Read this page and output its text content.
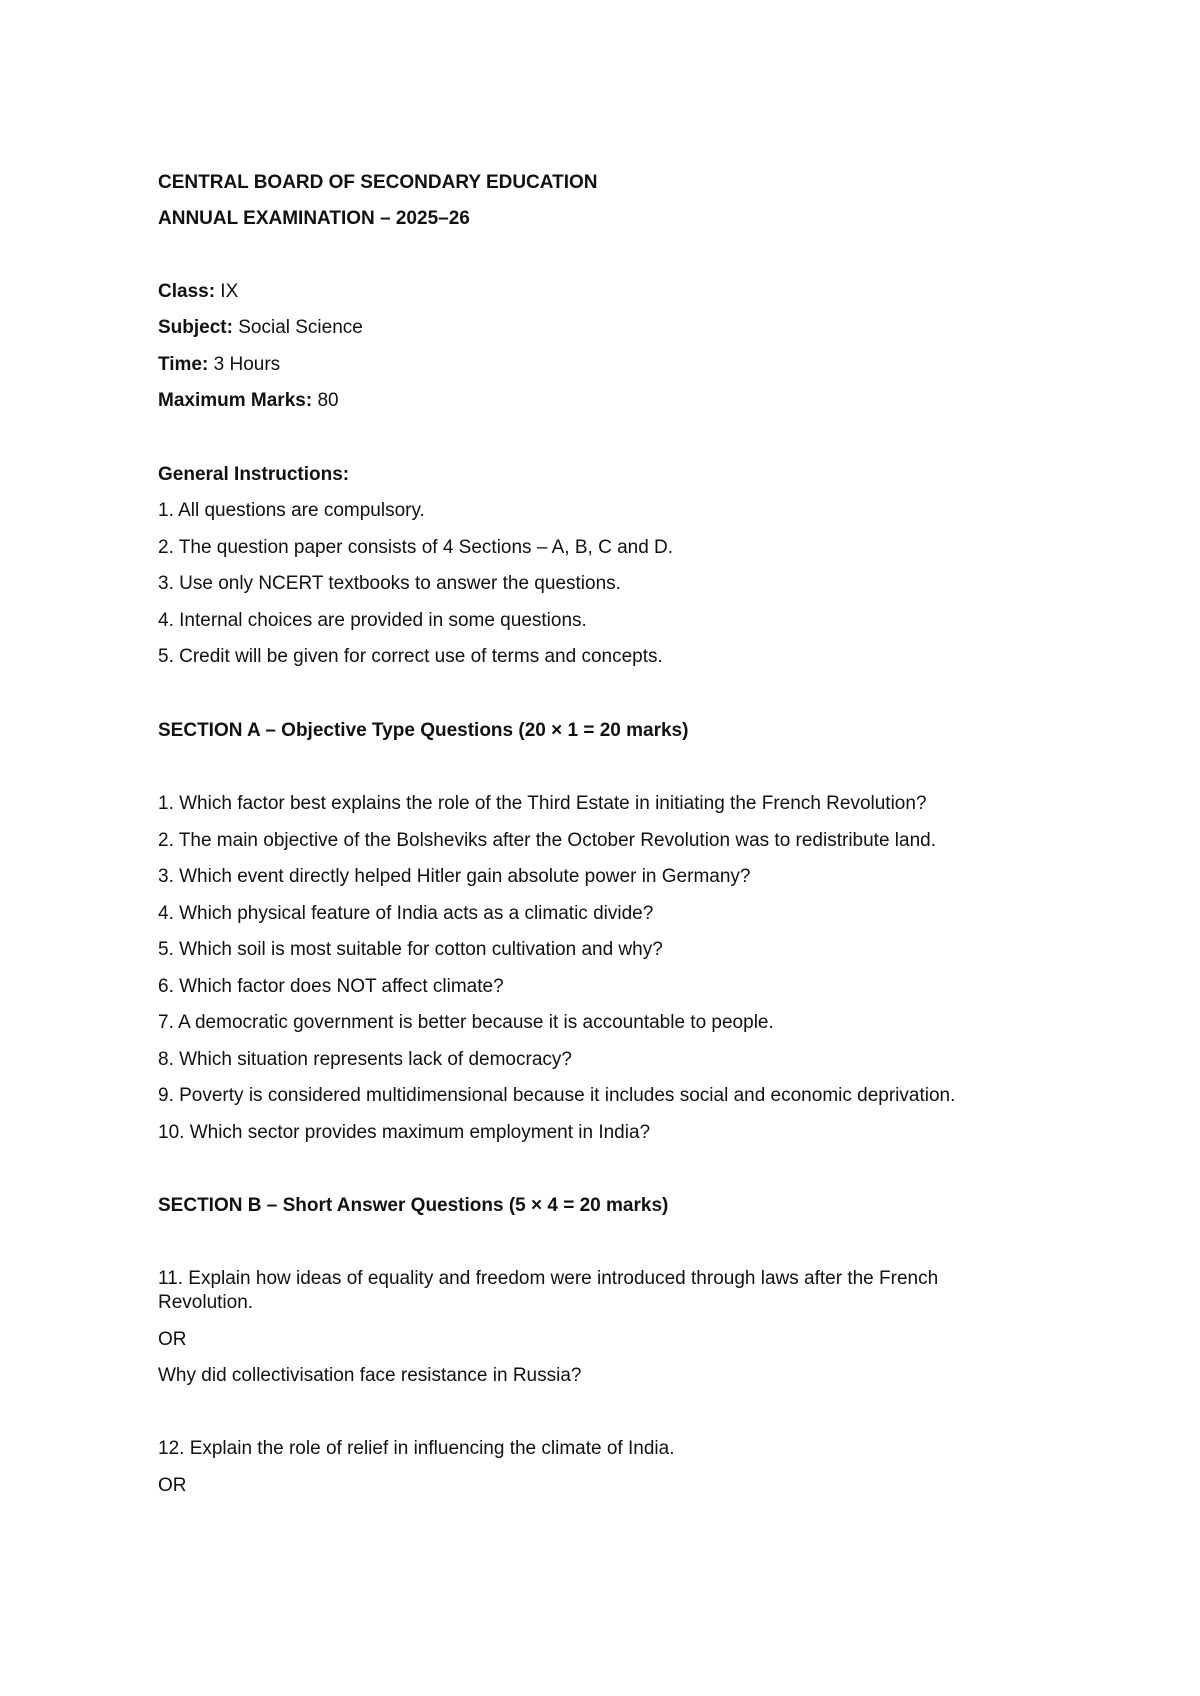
CENTRAL BOARD OF SECONDARY EDUCATION
ANNUAL EXAMINATION – 2025–26
Class: IX
Subject: Social Science
Time: 3 Hours
Maximum Marks: 80
General Instructions:
1. All questions are compulsory.
2. The question paper consists of 4 Sections – A, B, C and D.
3. Use only NCERT textbooks to answer the questions.
4. Internal choices are provided in some questions.
5. Credit will be given for correct use of terms and concepts.
SECTION A – Objective Type Questions (20 × 1 = 20 marks)
1. Which factor best explains the role of the Third Estate in initiating the French Revolution?
2. The main objective of the Bolsheviks after the October Revolution was to redistribute land.
3. Which event directly helped Hitler gain absolute power in Germany?
4. Which physical feature of India acts as a climatic divide?
5. Which soil is most suitable for cotton cultivation and why?
6. Which factor does NOT affect climate?
7. A democratic government is better because it is accountable to people.
8. Which situation represents lack of democracy?
9. Poverty is considered multidimensional because it includes social and economic deprivation.
10. Which sector provides maximum employment in India?
SECTION B – Short Answer Questions (5 × 4 = 20 marks)
11. Explain how ideas of equality and freedom were introduced through laws after the French Revolution.
OR
Why did collectivisation face resistance in Russia?
12. Explain the role of relief in influencing the climate of India.
OR
